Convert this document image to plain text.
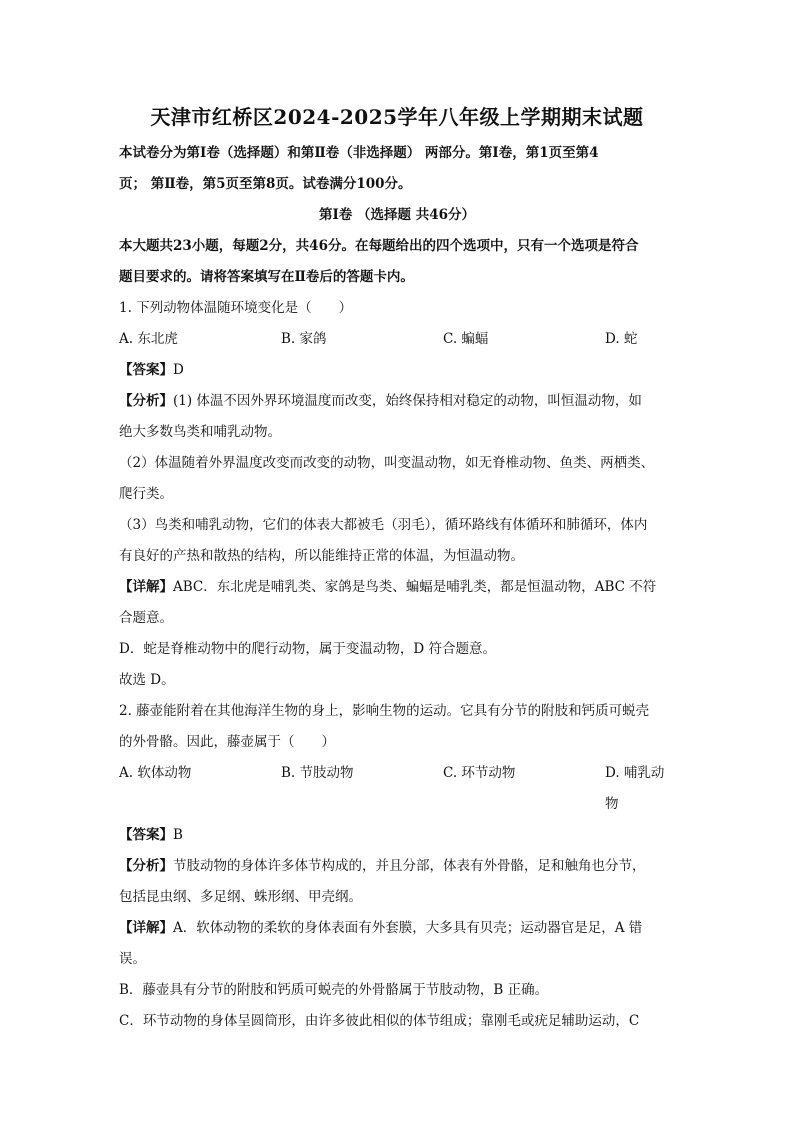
天津市红桥区2024-2025学年八年级上学期期末试题
本试卷分为第Ⅰ卷（选择题）和第Ⅱ卷（非选择题） 两部分。第Ⅰ卷，第1页至第4
页； 第Ⅱ卷，第5页至第8页。试卷满分100分。
第Ⅰ卷 （选择题 共46分）
本大题共23小题，每题2分，共46分。在每题给出的四个选项中，只有一个选项是符合
题目要求的。请将答案填写在Ⅱ卷后的答题卡内。
1. 下列动物体温随环境变化是（　　）
A. 东北虎	B. 家鸽	C. 蝙蝠	D. 蛇
【答案】D
【分析】(1) 体温不因外界环境温度而改变，始终保持相对稳定的动物，叫恒温动物，如
绝大多数鸟类和哺乳动物。
（2）体温随着外界温度改变而改变的动物，叫变温动物，如无脊椎动物、鱼类、两栖类、
爬行类。
（3）鸟类和哺乳动物，它们的体表大都被毛（羽毛），循环路线有体循环和肺循环，体内
有良好的产热和散热的结构，所以能维持正常的体温，为恒温动物。
【详解】ABC．东北虎是哺乳类、家鸽是鸟类、蝙蝠是哺乳类，都是恒温动物，ABC 不符
合题意。
D．蛇是脊椎动物中的爬行动物，属于变温动物，D 符合题意。
故选 D。
2. 藤壶能附着在其他海洋生物的身上，影响生物的运动。它具有分节的附肢和钙质可蜕壳
的外骨骼。因此，藤壶属于（　　）
A. 软体动物	B. 节肢动物	C. 环节动物	D. 哺乳动物
【答案】B
【分析】节肢动物的身体许多体节构成的，并且分部，体表有外骨骼，足和触角也分节，
包括昆虫纲、多足纲、蛛形纲、甲壳纲。
【详解】A．软体动物的柔软的身体表面有外套膜，大多具有贝壳；运动器官是足，A 错
误。
B．藤壶具有分节的附肢和钙质可蜕壳的外骨骼属于节肢动物，B 正确。
C．环节动物的身体呈圆筒形，由许多彼此相似的体节组成；靠刚毛或疣足辅助运动，C
